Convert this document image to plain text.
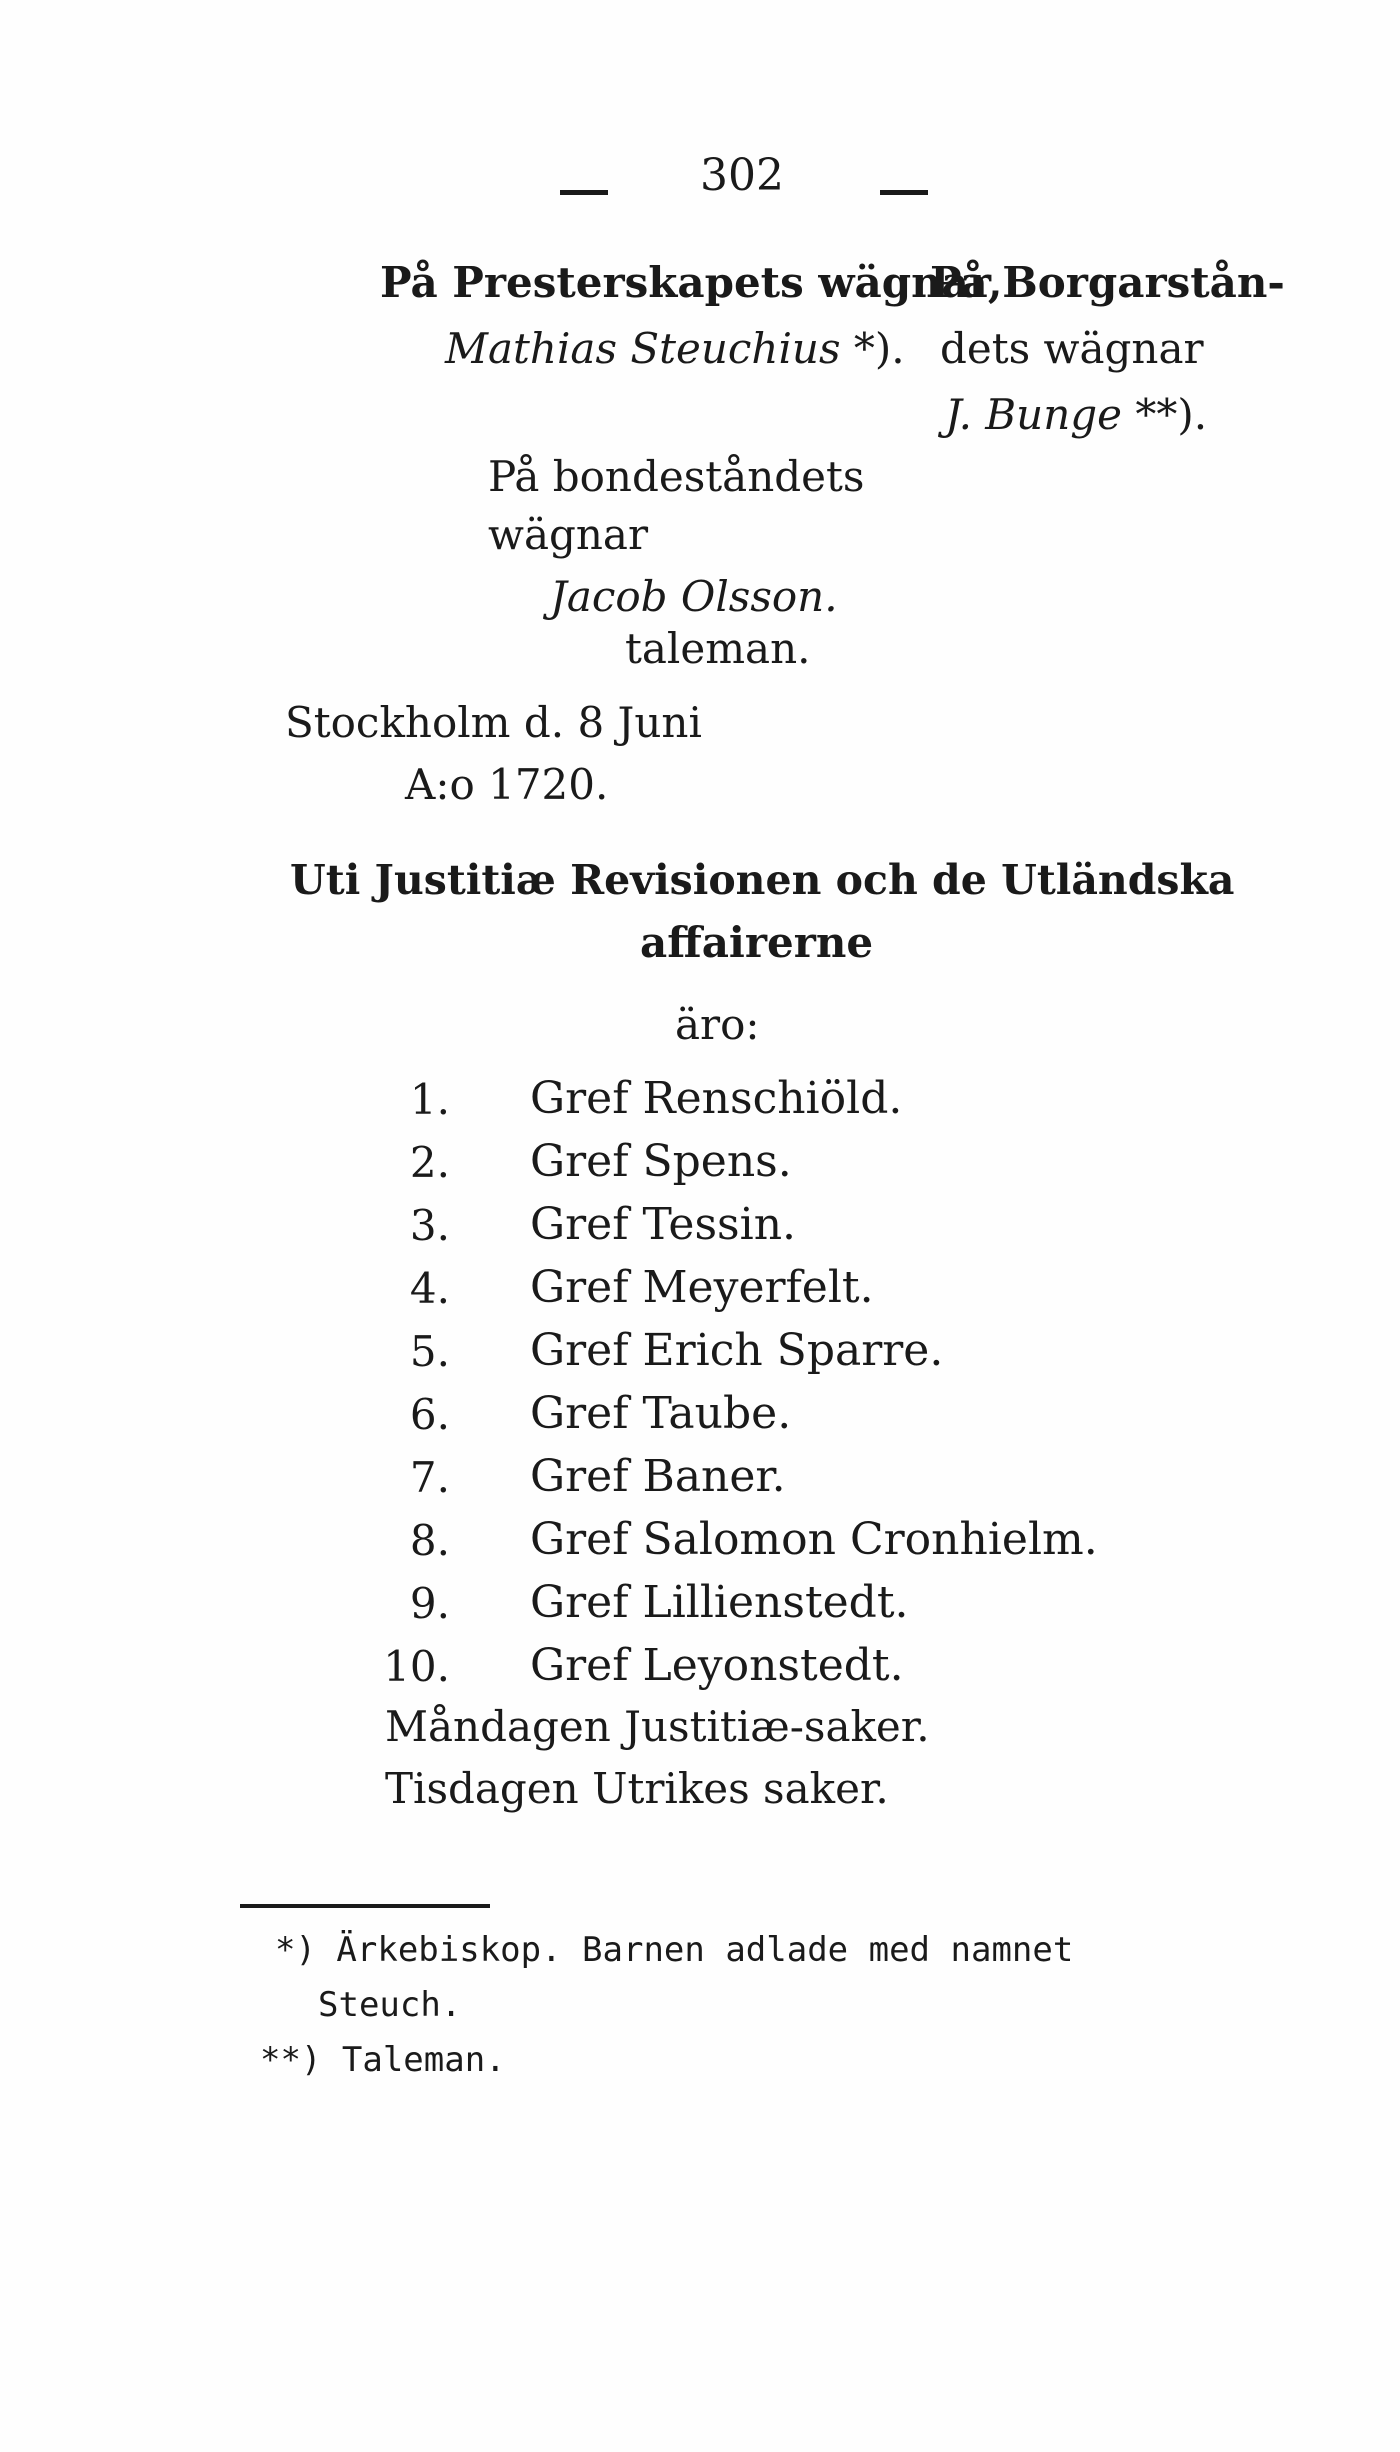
302
På Presterskapets wägnar,
Mathias Steuchius *).
På Borgarstån-
dets wägnar
J. Bunge **).
På bondeståndets
wägnar
Jacob Olsson.
taleman.
Stockholm d. 8 Juni
A:o 1720.
Uti Justitiæ Revisionen och de Utländska
affairerne
äro:
1. Gref Renschiöld.
2. Gref Spens.
3. Gref Tessin.
4. Gref Meyerfelt.
5. Gref Erich Sparre.
6. Gref Taube.
7. Gref Baner.
8. Gref Salomon Cronhielm.
9. Gref Lillienstedt.
10. Gref Leyonstedt.
Måndagen Justitiæ-saker.
Tisdagen Utrikes saker.
*) Ärkebiskop. Barnen adlade med namnet
Steuch.
**) Taleman.
